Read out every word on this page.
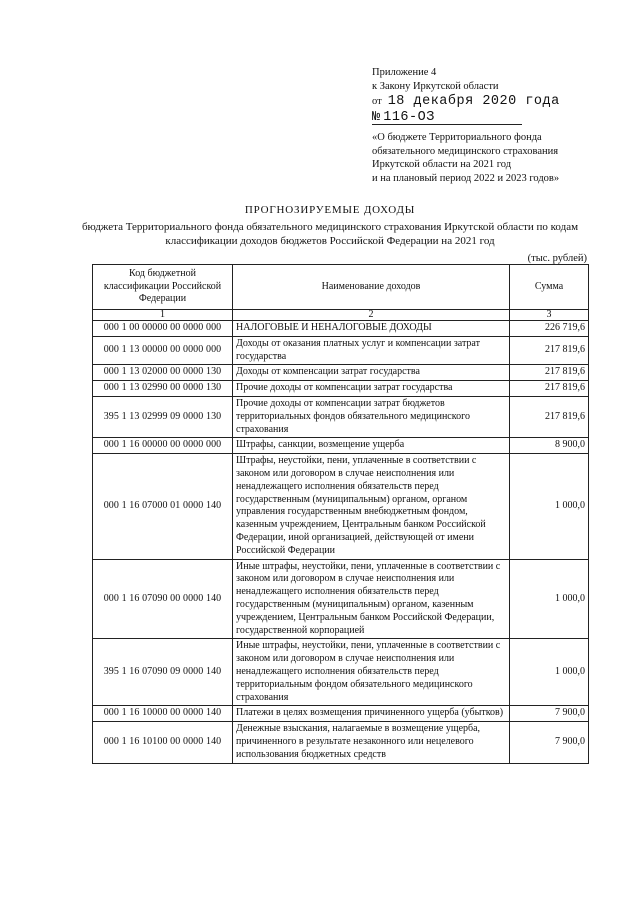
Приложение 4
к Закону Иркутской области
от 18 декабря 2020 года
№ 116-ОЗ
«О бюджете Территориального фонда
обязательного медицинского страхования
Иркутской области на 2021 год
и на плановый период 2022 и 2023 годов»
ПРОГНОЗИРУЕМЫЕ ДОХОДЫ
бюджета Территориального фонда обязательного медицинского страхования Иркутской области по кодам классификации доходов бюджетов Российской Федерации на 2021 год
(тыс. рублей)
Код бюджетной классификации Российской Федерации	Наименование доходов	Сумма
1	2	3
000 1 00 00000 00 0000 000	НАЛОГОВЫЕ И НЕНАЛОГОВЫЕ ДОХОДЫ	226 719,6
000 1 13 00000 00 0000 000	Доходы от оказания платных услуг и компенсации затрат государства	217 819,6
000 1 13 02000 00 0000 130	Доходы от компенсации затрат государства	217 819,6
000 1 13 02990 00 0000 130	Прочие доходы от компенсации затрат государства	217 819,6
395 1 13 02999 09 0000 130	Прочие доходы от компенсации затрат бюджетов территориальных фондов обязательного медицинского страхования	217 819,6
000 1 16 00000 00 0000 000	Штрафы, санкции, возмещение ущерба	8 900,0
000 1 16 07000 01 0000 140	Штрафы, неустойки, пени, уплаченные в соответствии с законом или договором в случае неисполнения или ненадлежащего исполнения обязательств перед государственным (муниципальным) органом, органом управления государственным внебюджетным фондом, казенным учреждением, Центральным банком Российской Федерации, иной организацией, действующей от имени Российской Федерации	1 000,0
000 1 16 07090 00 0000 140	Иные штрафы, неустойки, пени, уплаченные в соответствии с законом или договором в случае неисполнения или ненадлежащего исполнения обязательств перед государственным (муниципальным) органом, казенным учреждением, Центральным банком Российской Федерации, государственной корпорацией	1 000,0
395 1 16 07090 09 0000 140	Иные штрафы, неустойки, пени, уплаченные в соответствии с законом или договором в случае неисполнения или ненадлежащего исполнения обязательств перед территориальным фондом обязательного медицинского страхования	1 000,0
000 1 16 10000 00 0000 140	Платежи в целях возмещения причиненного ущерба (убытков)	7 900,0
000 1 16 10100 00 0000 140	Денежные взыскания, налагаемые в возмещение ущерба, причиненного в результате незаконного или нецелевого использования бюджетных средств	7 900,0
